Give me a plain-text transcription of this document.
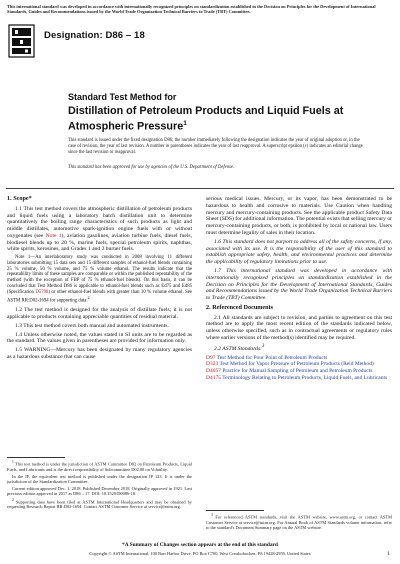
This international standard was developed in accordance with internationally recognized principles on standardization established in the Decision on Principles for the Development of International Standards, Guides and Recommendations issued by the World Trade Organization Technical Barriers to Trade (TBT) Committee.
Designation: D86 – 18
Standard Test Method for
Distillation of Petroleum Products and Liquid Fuels at
Atmospheric Pressure$^1$
This standard is issued under the fixed designation D86; the number immediately following the designation indicates the year of original adoption or, in the case of revision, the year of last revision. A number in parentheses indicates the year of last reapproval. A superscript epsilon (ε) indicates an editorial change since the last revision or reapproval.
This standard has been approved for use by agencies of the U.S. Department of Defense.
1. Scope*

1.1 This test method covers the atmospheric distillation of petroleum products and liquid fuels using a laboratory batch distillation unit to determine quantitatively the boiling range characteristics of such products as light and middle distillates, automotive spark-ignition engine fuels with or without oxygenates (see Note 1), aviation gasolines, aviation turbine fuels, diesel fuels, biodiesel blends up to 20 %, marine fuels, special petroleum spirits, naphthas, white spirits, kerosines, and Grades 1 and 2 burner fuels.

Note 1—An interlaboratory study was conducted in 2008 involving 11 different laboratories submitting 15 data sets and 15 different samples of ethanol-fuel blends containing 25 % volume, 50 % volume, and 75 % volume ethanol. The results indicate that the repeatability limits of these samples are comparable or within the published repeatability of the method (with the exception of FBP of 75 % ethanol-fuel blends). On this basis, it can be concluded that Test Method D86 is applicable to ethanol-fuel blends such as Ed75 and Ed85 (Specification D5798) or other ethanol-fuel blends with greater than 10 % volume ethanol. See ASTM RR:D02-1694 for supporting data.$^2$

1.2 The test method is designed for the analysis of distillate fuels; it is not applicable to products containing appreciable quantities of residual material.

1.3 This test method covers both manual and automated instruments.

1.4 Unless otherwise noted, the values stated in SI units are to be regarded as the standard. The values given in parentheses are provided for information only.

1.5 WARNING—Mercury has been designated by many regulatory agencies as a hazardous substance that can cause

serious medical issues. Mercury, or its vapor, has been demonstrated to be hazardous to health and corrosive to materials. Use Caution when handling mercury and mercury-containing products. See the applicable product Safety Data Sheet (SDS) for additional information. The potential exists that selling mercury or mercury-containing products, or both, is prohibited by local or national law. Users must determine legality of sales in their location.

1.6 This standard does not purport to address all of the safety concerns, if any, associated with its use. It is the responsibility of the user of this standard to establish appropriate safety, health, and environmental practices and determine the applicability of regulatory limitations prior to use.

1.7 This international standard was developed in accordance with internationally recognized principles on standardization established in the Decision on Principles for the Development of International Standards, Guides and Recommendations issued by the World Trade Organization Technical Barriers to Trade (TBT) Committee.

2. Referenced Documents

2.1 All standards are subject to revision, and parties to agreement on this test method are to apply the most recent edition of the standards indicated below, unless otherwise specified, such as in contractual agreements or regulatory rules where earlier versions of the method(s) identified may be required.

2.2 ASTM Standards:$^3$

D97 Test Method for Pour Point of Petroleum Products
D323 Test Method for Vapor Pressure of Petroleum Products (Reid Method)
D4057 Practice for Manual Sampling of Petroleum and Petroleum Products
D4175 Terminology Relating to Petroleum Products, Liquid Fuels, and Lubricants

$^1$ This test method is under the jurisdiction of ASTM Committee D02 on Petroleum Products, Liquid Fuels, and Lubricants and is the direct responsibility of Subcommittee D02.08 on Volatility.

In the IP, the equivalent test method is published under the designation IP 123. It is under the jurisdiction of the Standardization Committee.

Current edition approved Dec. 1, 2018. Published December 2018. Originally approved in 1921. Last previous edition approved in 2017 as D86 – 17. DOI: 10.1520/D0086-18.

$^2$ Supporting data have been filed at ASTM International Headquarters and may be obtained by requesting Research Report RR:D02-1694. Contact ASTM Customer Service at service@astm.org.

$^3$ For referenced ASTM standards, visit the ASTM website, www.astm.org, or contact ASTM Customer Service at service@astm.org. For Annual Book of ASTM Standards volume information, refer to the standard's Document Summary page on the ASTM website.

*A Summary of Changes section appears at the end of this standard
Copyright © ASTM International, 100 Barr Harbor Drive, PO Box C700, West Conshohocken, PA 19428-2959. United States	1
